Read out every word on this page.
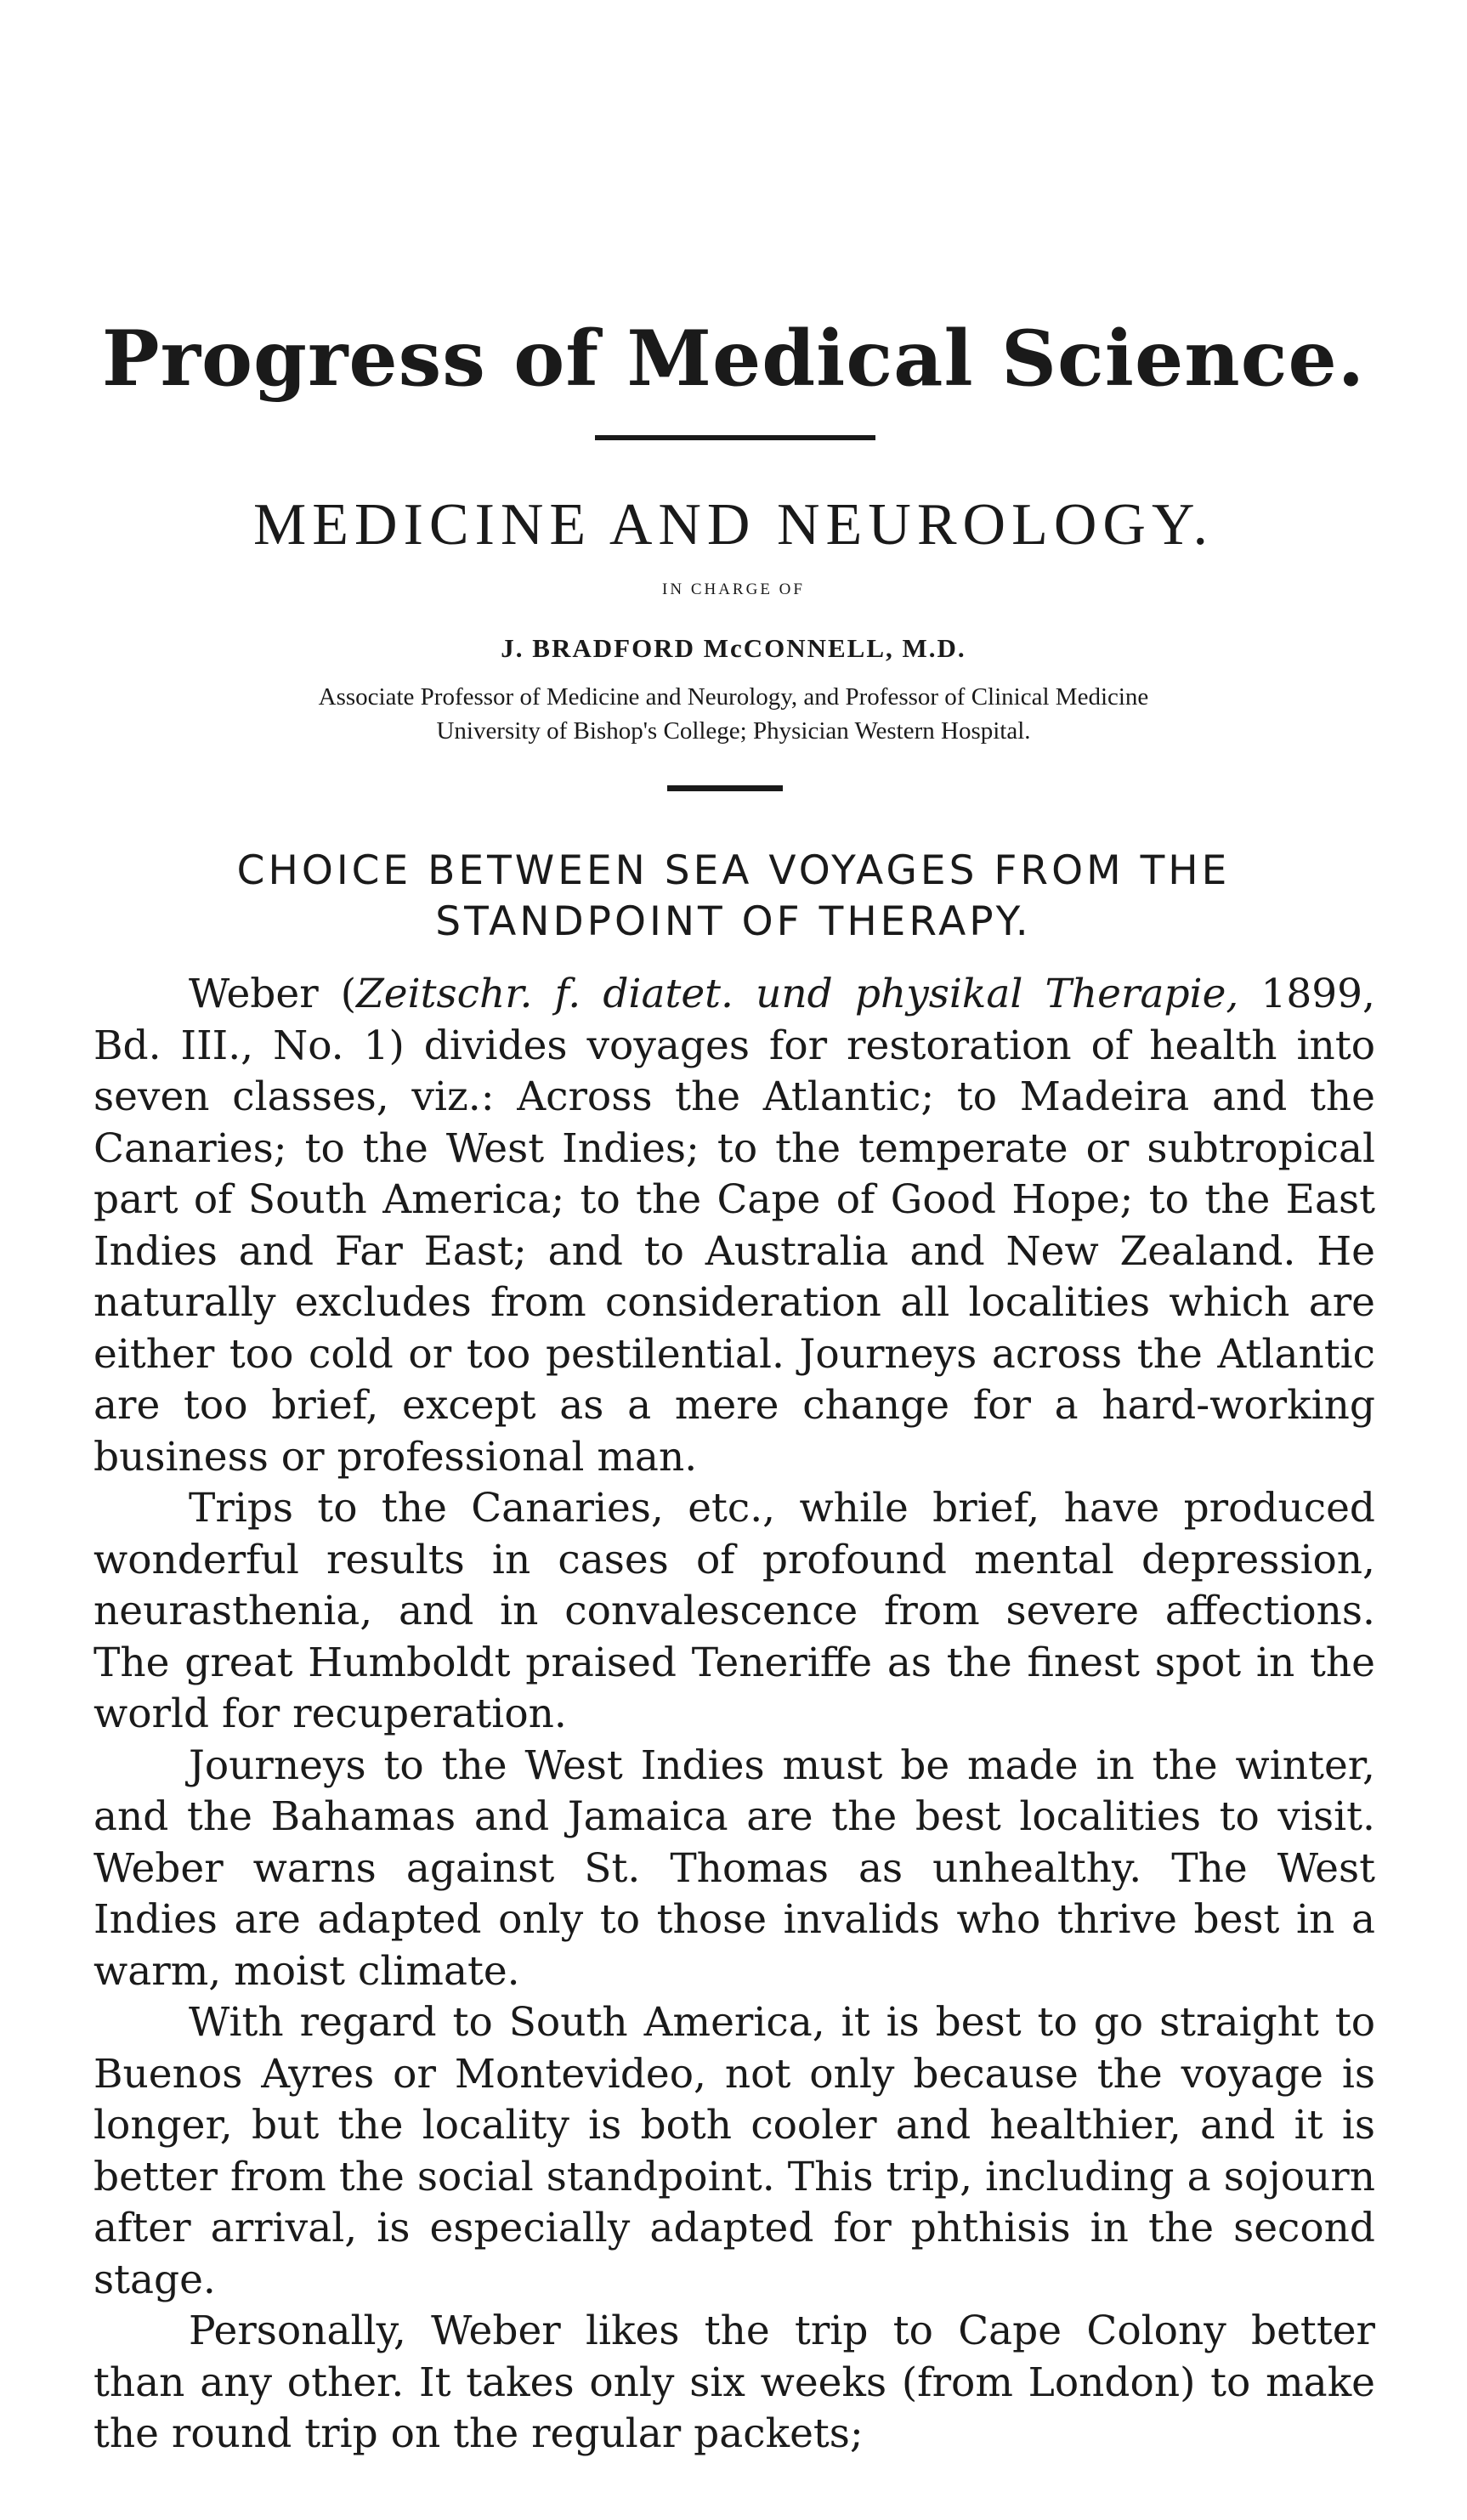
Progress of Medical Science.
MEDICINE AND NEUROLOGY.
IN CHARGE OF
J. BRADFORD McCONNELL, M.D.
Associate Professor of Medicine and Neurology, and Professor of Clinical Medicine
University of Bishop's College; Physician Western Hospital.
CHOICE BETWEEN SEA VOYAGES FROM THE
STANDPOINT OF THERAPY.

Weber (Zeitschr. f. diatet. und physikal Therapie, 1899, Bd. III., No. 1) divides voyages for restoration of health into seven classes, viz.: Across the Atlantic; to Madeira and the Canaries; to the West Indies; to the temperate or subtropical part of South America; to the Cape of Good Hope; to the East Indies and Far East; and to Australia and New Zealand. He naturally excludes from consideration all localities which are either too cold or too pestilential. Journeys across the Atlantic are too brief, except as a mere change for a hard-working business or professional man.

Trips to the Canaries, etc., while brief, have produced wonderful results in cases of profound mental depression, neurasthenia, and in convalescence from severe affections. The great Humboldt praised Teneriffe as the finest spot in the world for recuperation.

Journeys to the West Indies must be made in the winter, and the Bahamas and Jamaica are the best localities to visit. Weber warns against St. Thomas as unhealthy. The West Indies are adapted only to those invalids who thrive best in a warm, moist climate.

With regard to South America, it is best to go straight to Buenos Ayres or Montevideo, not only because the voyage is longer, but the locality is both cooler and healthier, and it is better from the social standpoint. This trip, including a sojourn after arrival, is especially adapted for phthisis in the second stage.

Personally, Weber likes the trip to Cape Colony better than any other. It takes only six weeks (from London) to make the round trip on the regular packets;
